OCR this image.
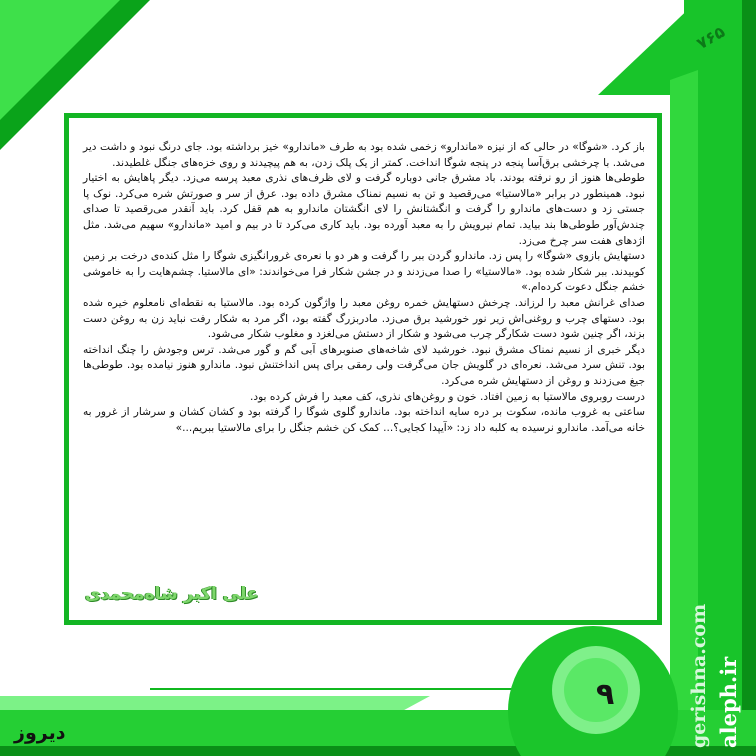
۷۶۵

باز کرد. «شوگا» در حالی که از نیزه «ماندارو» زخمی شده بود به طرف «ماندارو» خیز برداشته بود. جای درنگ نبود و داشت دیر می‌شد. با چرخشی برق‌آسا پنجه در پنجه شوگا انداخت. کمتر از یک پلک زدن، به هم پیچیدند و روی خزه‌های جنگل غلطیدند.

طوطی‌ها هنوز از رو نرفته بودند. باد مشرق جانی دوباره گرفت و لای ظرف‌های نذری معبد پرسه می‌زد. دیگر پاهایش به اختیار نبود. همینطور در برابر «مالاستیا» می‌رقصید و تن به نسیم نمناک مشرق داده بود. عرق از سر و صورتش شره می‌کرد. نوک پا جستی زد و دست‌های ماندارو را گرفت و انگشتانش را لای انگشتان ماندارو به هم قفل کرد. باید آنقدر می‌رقصید تا صدای چندش‌آور طوطی‌ها بند بیاید. تمام نیرویش را به معبد آورده بود. باید کاری می‌کرد تا در بیم و امید «ماندارو» سهیم می‌شد. مثل اژدهای هفت سر چرخ می‌زد.

دستهایش بازوی «شوگا» را پس زد. ماندارو گردن ببر را گرفت و هر دو با نعره‌ی غرورانگیزی شوگا را مثل کنده‌ی درخت بر زمین کوبیدند. ببر شکار شده بود. «مالاستیا» را صدا می‌زدند و در جشن شکار فرا می‌خواندند: «ای مالاستیا. چشم‌هایت را به خاموشی خشم جنگل دعوت کرده‌ام.»

صدای غرانش معبد را لرزاند. چرخش دستهایش خمره روغن معبد را واژگون کرده بود. مالاستیا به نقطه‌ای نامعلوم خیره شده بود. دستهای چرب و روغنی‌اش زیر نور خورشید برق می‌زد. مادربزرگ گفته بود، اگر مرد به شکار رفت نباید زن به روغن دست بزند، اگر چنین شود دست شکارگر چرب می‌شود و شکار از دستش می‌لغزد و مغلوب شکار می‌شود.

دیگر خبری از نسیم نمناک مشرق نبود. خورشید لای شاخه‌های صنوبرهای آبی گم و گور می‌شد. ترس وجودش را چنگ انداخته بود. تنش سرد می‌شد. نعره‌ای در گلویش جان می‌گرفت ولی رمقی برای پس انداختنش نبود. ماندارو هنوز نیامده بود. طوطی‌ها جیغ می‌زدند و روغن از دستهایش شره می‌کرد.

درست روبروی مالاستیا به زمین افتاد. خون و روغن‌های نذری، کف معبد را فرش کرده بود.

ساعتی به غروب مانده، سکوت بر دره سایه انداخته بود. ماندارو گلوی شوگا را گرفته بود و کشان کشان و سرشار از غرور به خانه می‌آمد. ماندارو نرسیده به کلبه داد زد: «آیپدا کجایی؟... کمک کن خشم جنگل را برای مالاستیا ببریم...»

علی اکبر شاه‌محمدی
۹	gerishna.com aleph.ir
دیروز
